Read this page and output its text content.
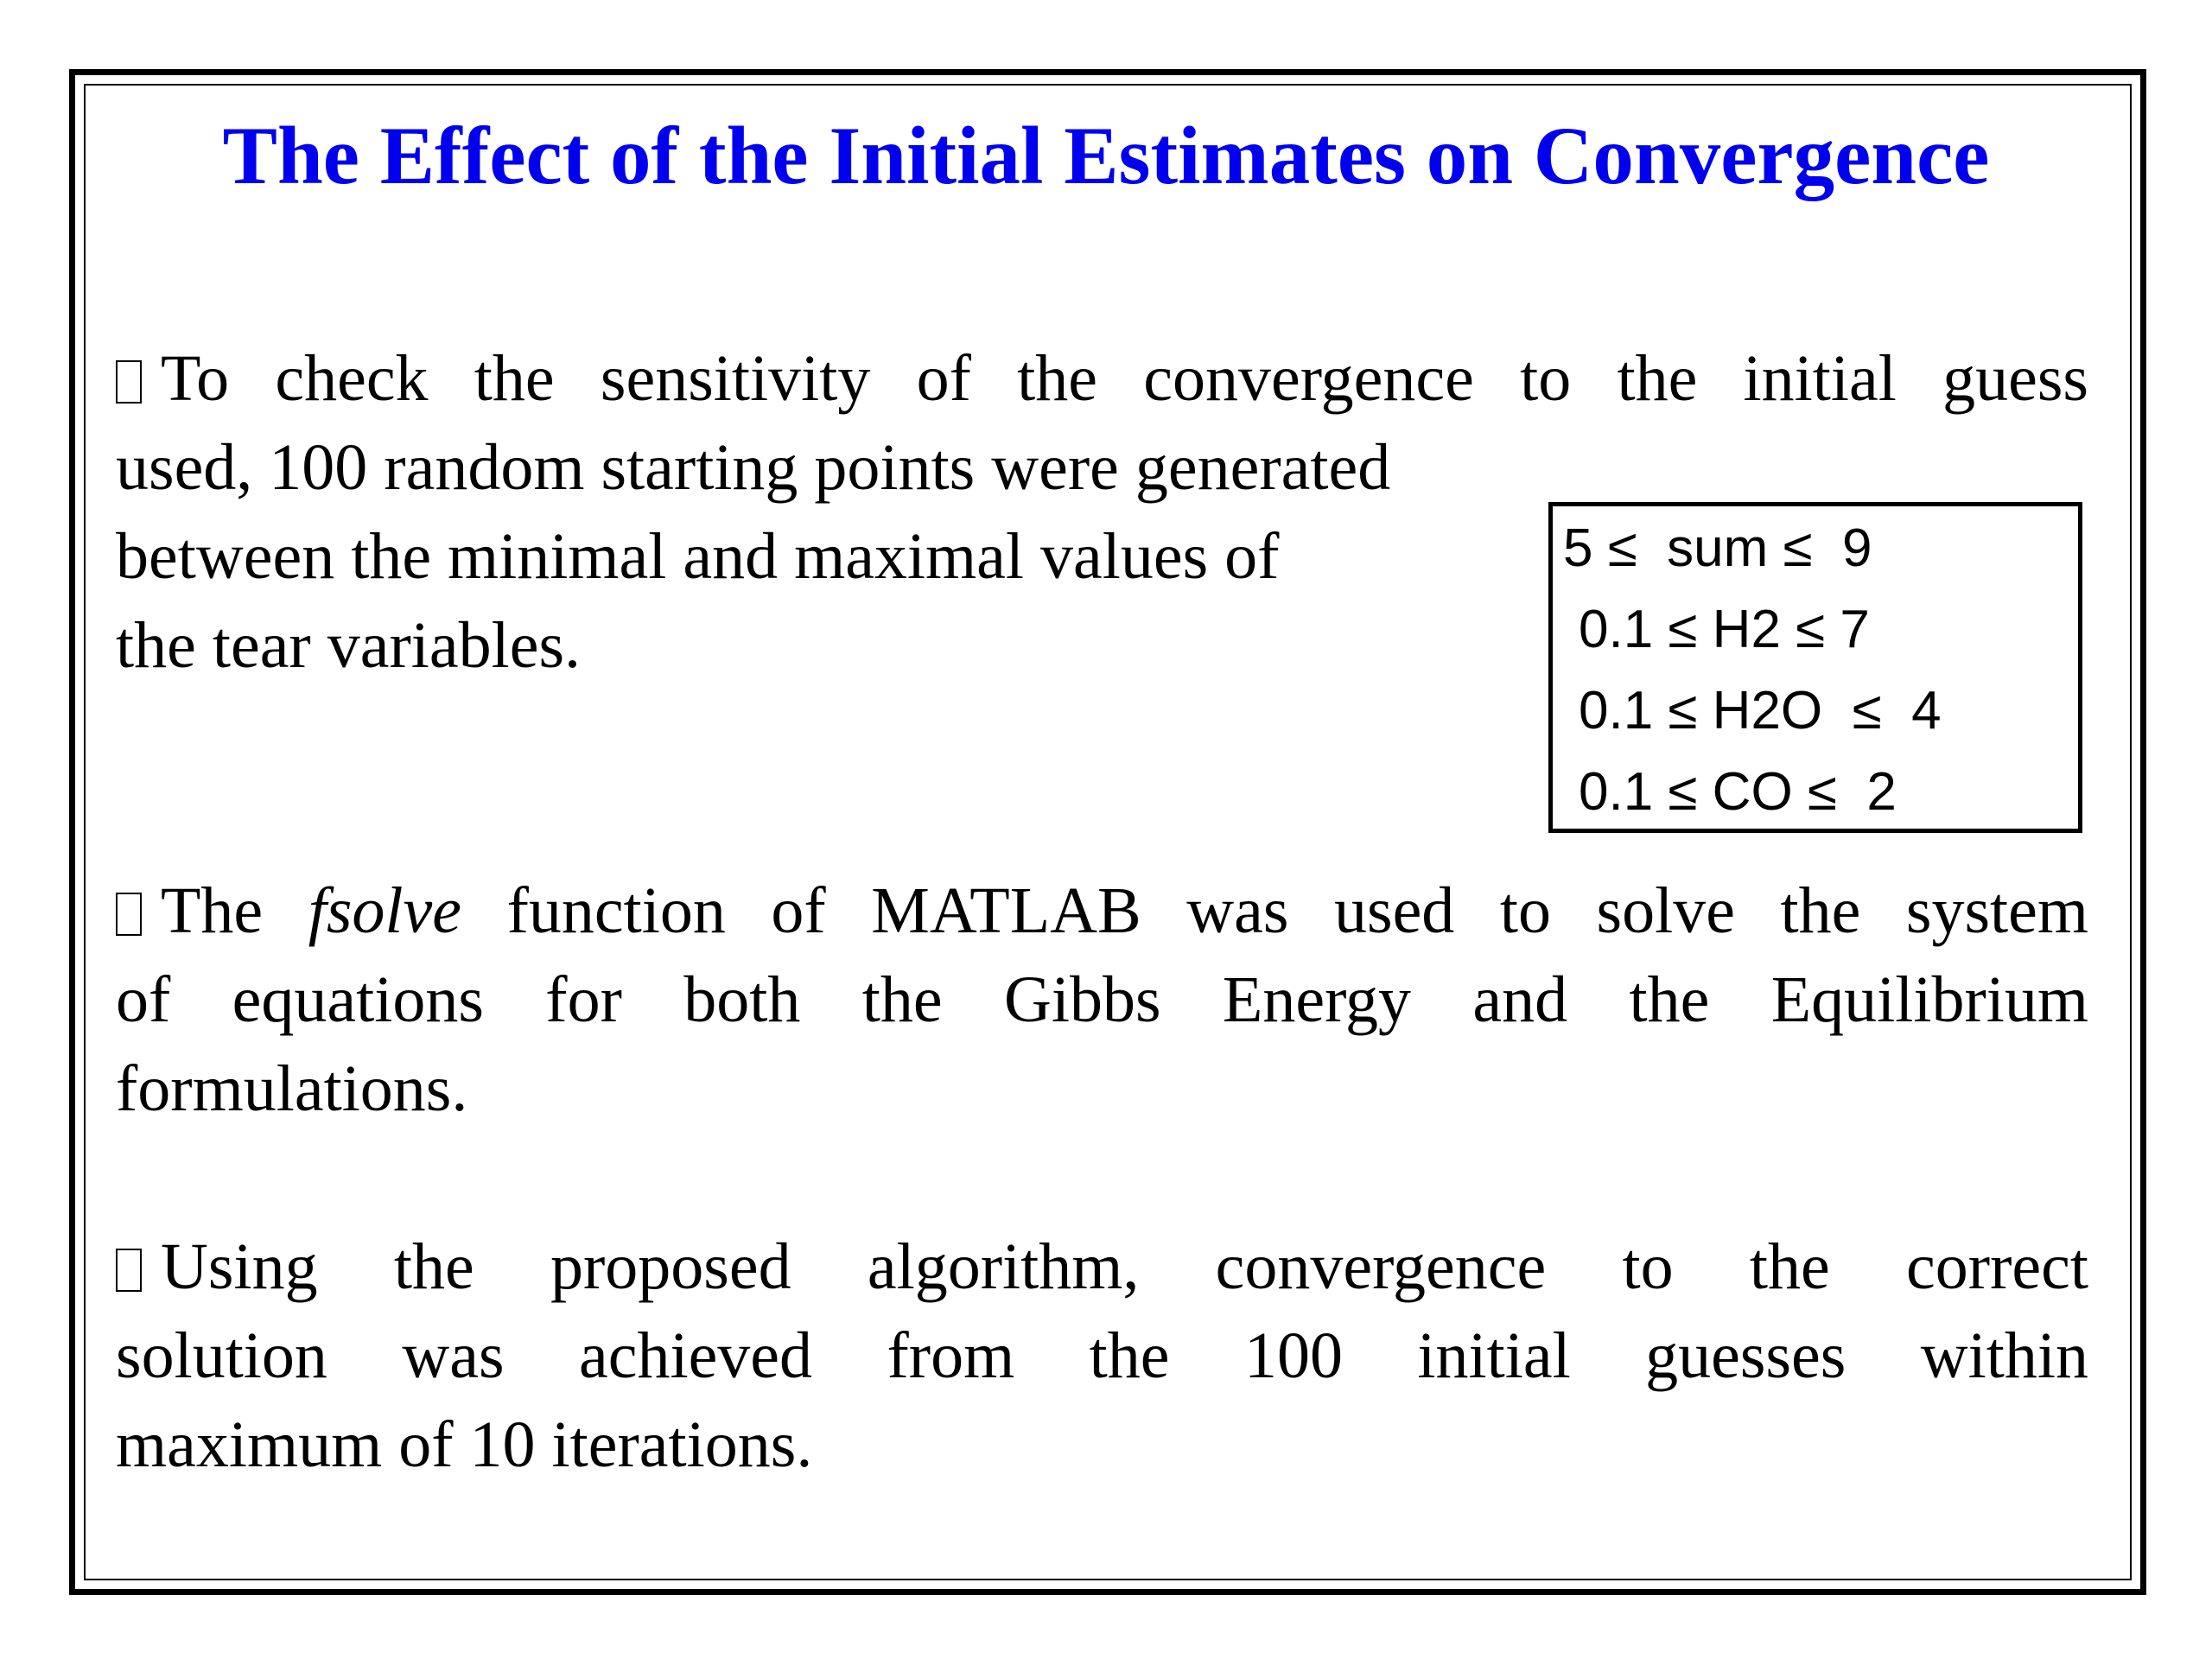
The Effect of the Initial Estimates on Convergence
To check the sensitivity of the convergence to the initial guess
used, 100 random starting points were generated
between the minimal and maximal values of
the tear variables.
5 ≤  sum ≤  9
0.1 ≤ H2 ≤ 7
0.1 ≤ H2O  ≤  4
0.1 ≤ CO ≤  2
The fsolve function of MATLAB was used to solve the system
of equations for both the Gibbs Energy and the Equilibrium
formulations.
Using the proposed algorithm, convergence to the correct
solution was achieved from the 100 initial guesses within
maximum of 10 iterations.
